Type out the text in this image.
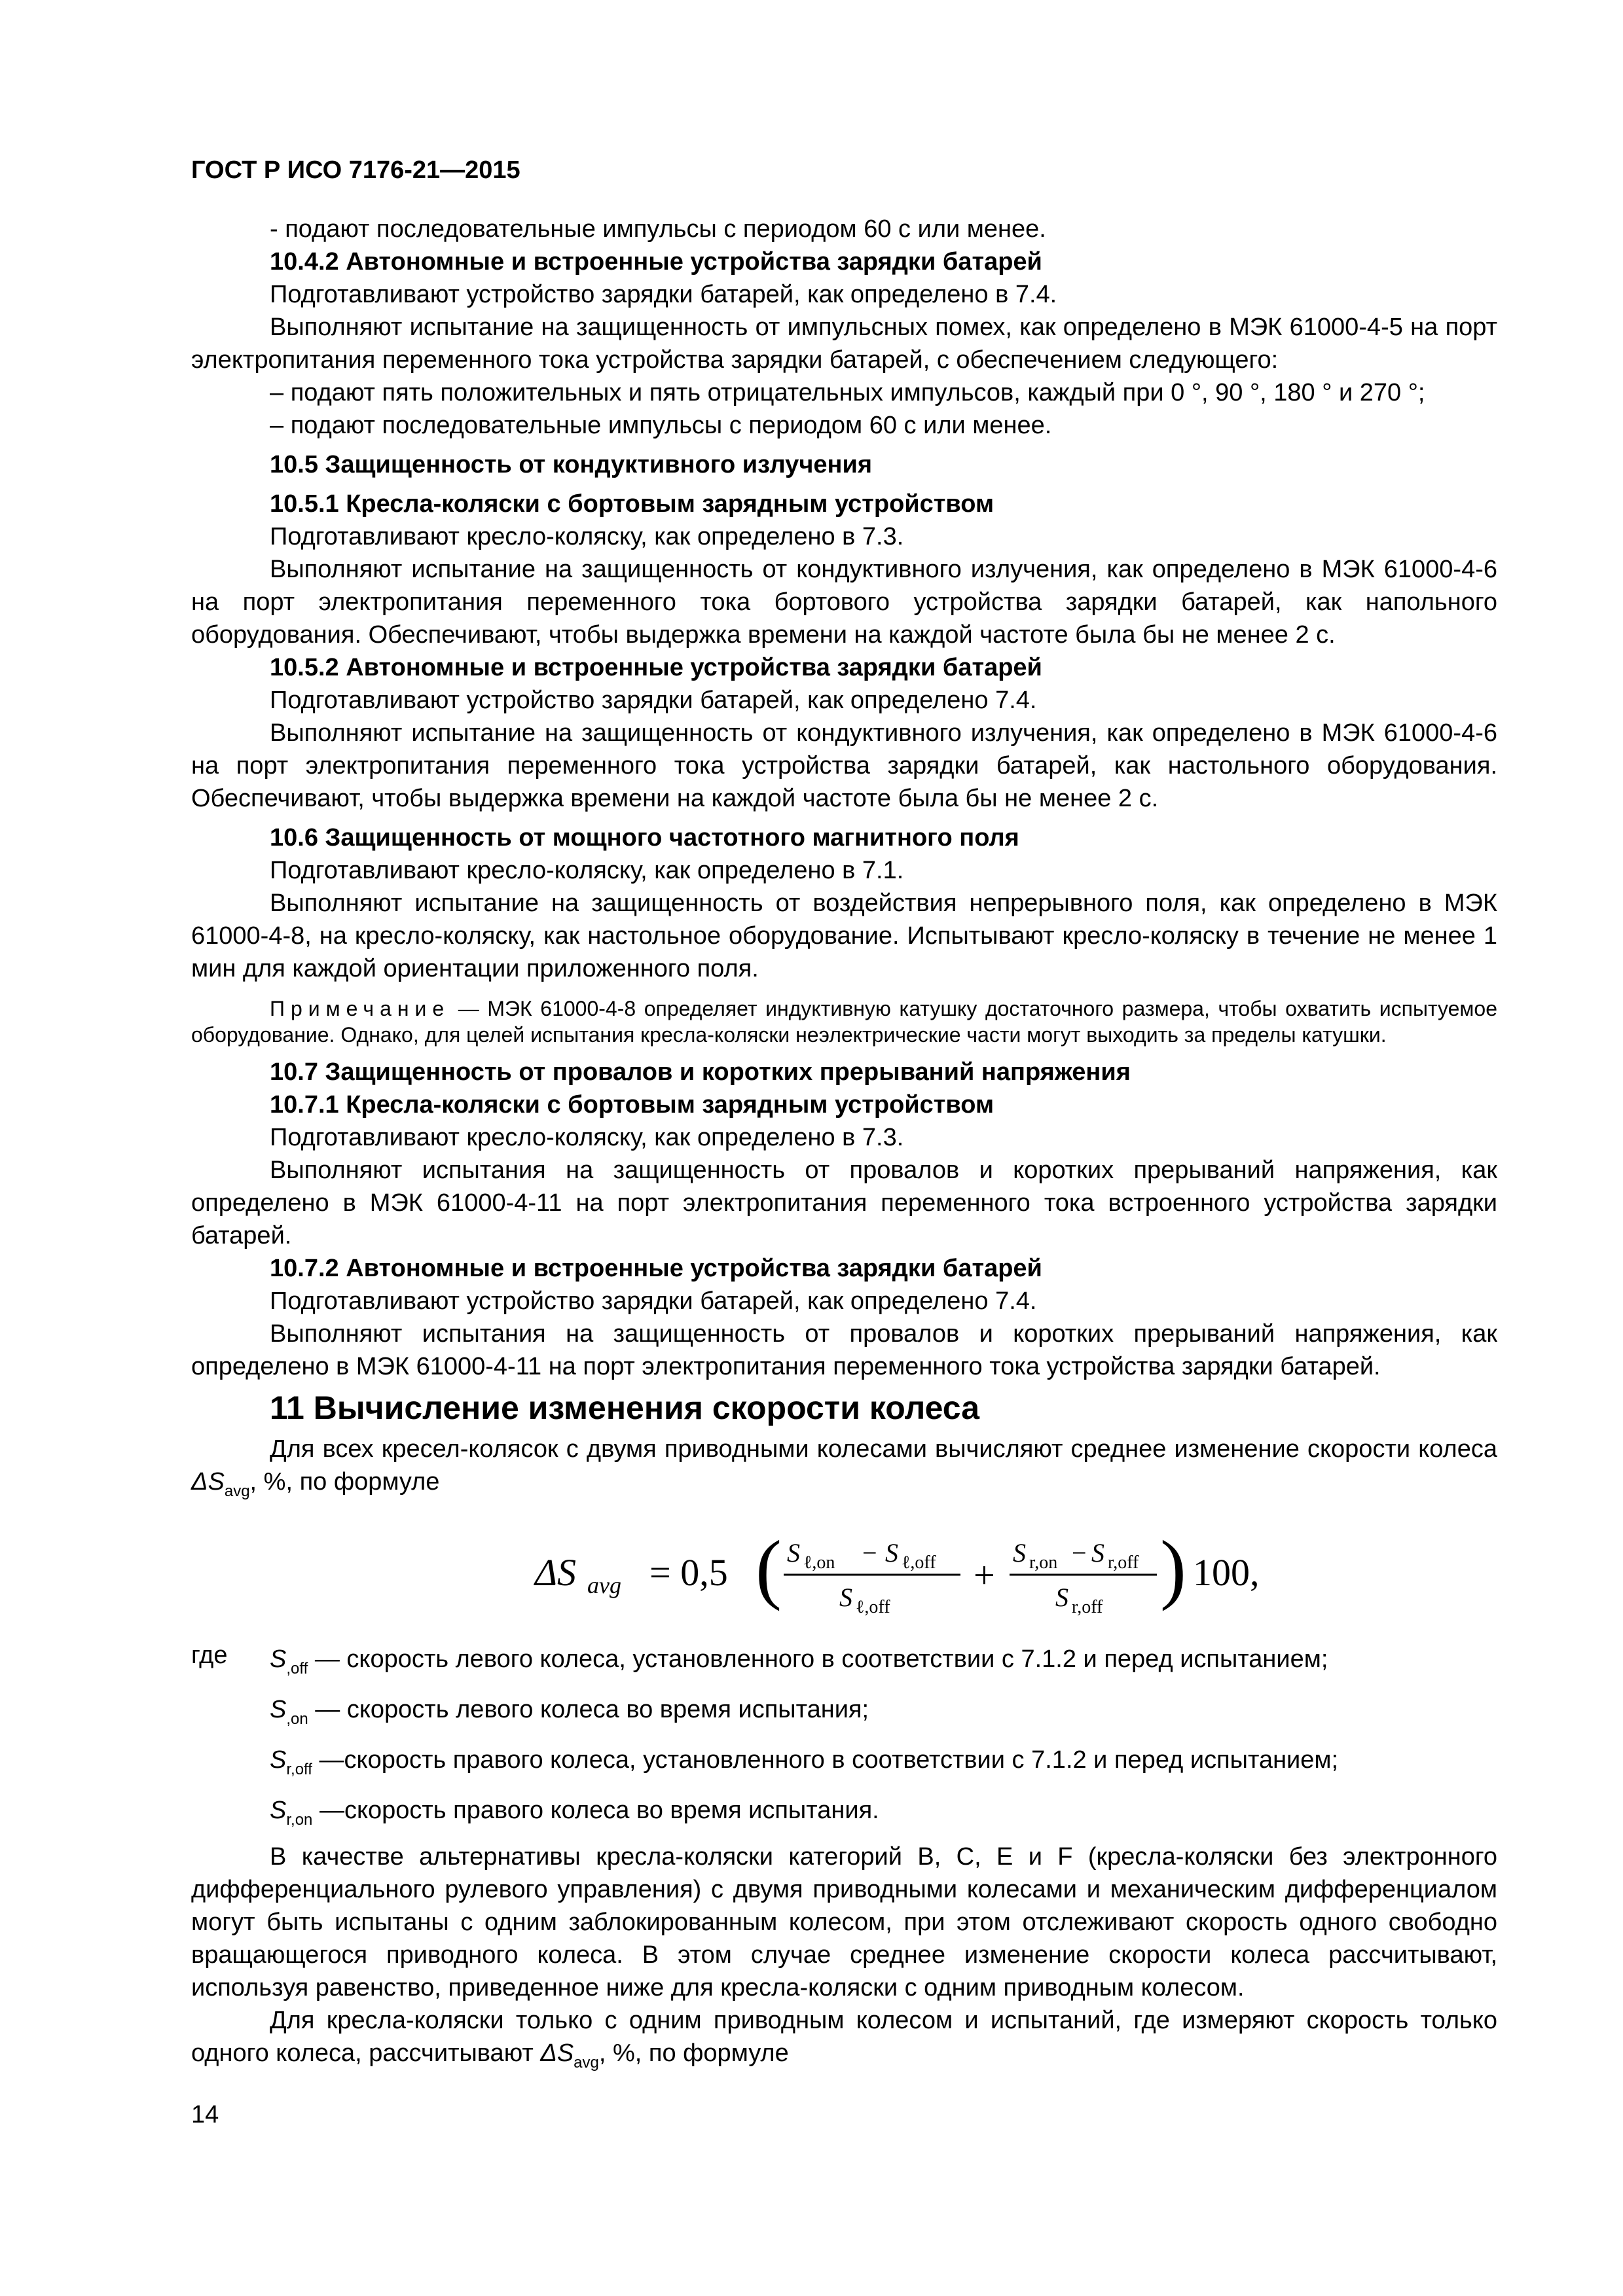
ГОСТ Р ИСО 7176-21—2015

- подают последовательные импульсы с периодом 60 с или менее.

10.4.2 Автономные и встроенные устройства зарядки батарей

Подготавливают устройство зарядки батарей, как определено в 7.4.

Выполняют испытание на защищенность от импульсных помех, как определено в МЭК 61000-4-5 на порт электропитания переменного тока устройства зарядки батарей, с обеспечением следующего:

– подают пять положительных и пять отрицательных импульсов, каждый при 0 °, 90 °, 180 ° и 270 °;

– подают последовательные импульсы с периодом 60 с или менее.

10.5 Защищенность от кондуктивного излучения

10.5.1 Кресла-коляски с бортовым зарядным устройством

Подготавливают кресло-коляску, как определено в 7.3.

Выполняют испытание на защищенность от кондуктивного излучения, как определено в МЭК 61000-4-6 на порт электропитания переменного тока бортового устройства зарядки батарей, как напольного оборудования. Обеспечивают, чтобы выдержка времени на каждой частоте была бы не менее 2 с.

10.5.2 Автономные и встроенные устройства зарядки батарей

Подготавливают устройство зарядки батарей, как определено 7.4.

Выполняют испытание на защищенность от кондуктивного излучения, как определено в МЭК 61000-4-6 на порт электропитания переменного тока устройства зарядки батарей, как настольного оборудования. Обеспечивают, чтобы выдержка времени на каждой частоте была бы не менее 2 с.

10.6 Защищенность от мощного частотного магнитного поля

Подготавливают кресло-коляску, как определено в 7.1.

Выполняют испытание на защищенность от воздействия непрерывного поля, как определено в МЭК 61000-4-8, на кресло-коляску, как настольное оборудование. Испытывают кресло-коляску в течение не менее 1 мин для каждой ориентации приложенного поля.

Примечание — МЭК 61000-4-8 определяет индуктивную катушку достаточного размера, чтобы охватить испытуемое оборудование. Однако, для целей испытания кресла-коляски неэлектрические части могут выходить за пределы катушки.

10.7 Защищенность от провалов и коротких прерываний напряжения

10.7.1 Кресла-коляски с бортовым зарядным устройством

Подготавливают кресло-коляску, как определено в 7.3.

Выполняют испытания на защищенность от провалов и коротких прерываний напряжения, как определено в МЭК 61000-4-11 на порт электропитания переменного тока встроенного устройства зарядки батарей.

10.7.2 Автономные и встроенные устройства зарядки батарей

Подготавливают устройство зарядки батарей, как определено 7.4.

Выполняют испытания на защищенность от провалов и коротких прерываний напряжения, как определено в МЭК 61000-4-11 на порт электропитания переменного тока устройства зарядки батарей.

11 Вычисление изменения скорости колеса

Для всех кресел-колясок с двумя приводными колесами вычисляют среднее изменение скорости колеса $\Delta S_{avg}$, %, по формуле

ΔS avg = 0,5 ( S ℓ,on − S ℓ,off
S ℓ,off
+
S r,on − S r,off
S r,off ) 100,
где	$S_{,off}$ — скорость левого колеса, установленного в соответствии с 7.1.2 и перед испытанием;
$S_{,on}$ — скорость левого колеса во время испытания;
$S_{r,off}$ —скорость правого колеса, установленного в соответствии с 7.1.2 и перед испытанием;
$S_{r,on}$ —скорость правого колеса во время испытания.

В качестве альтернативы кресла-коляски категорий В, С, Е и F (кресла-коляски без электронного дифференциального рулевого управления) с двумя приводными колесами и механическим дифференциалом могут быть испытаны с одним заблокированным колесом, при этом отслеживают скорость одного свободно вращающегося приводного колеса. В этом случае среднее изменение скорости колеса рассчитывают, используя равенство, приведенное ниже для кресла-коляски с одним приводным колесом.

Для кресла-коляски только с одним приводным колесом и испытаний, где измеряют скорость только одного колеса, рассчитывают $\Delta S_{avg}$, %, по формуле

14
